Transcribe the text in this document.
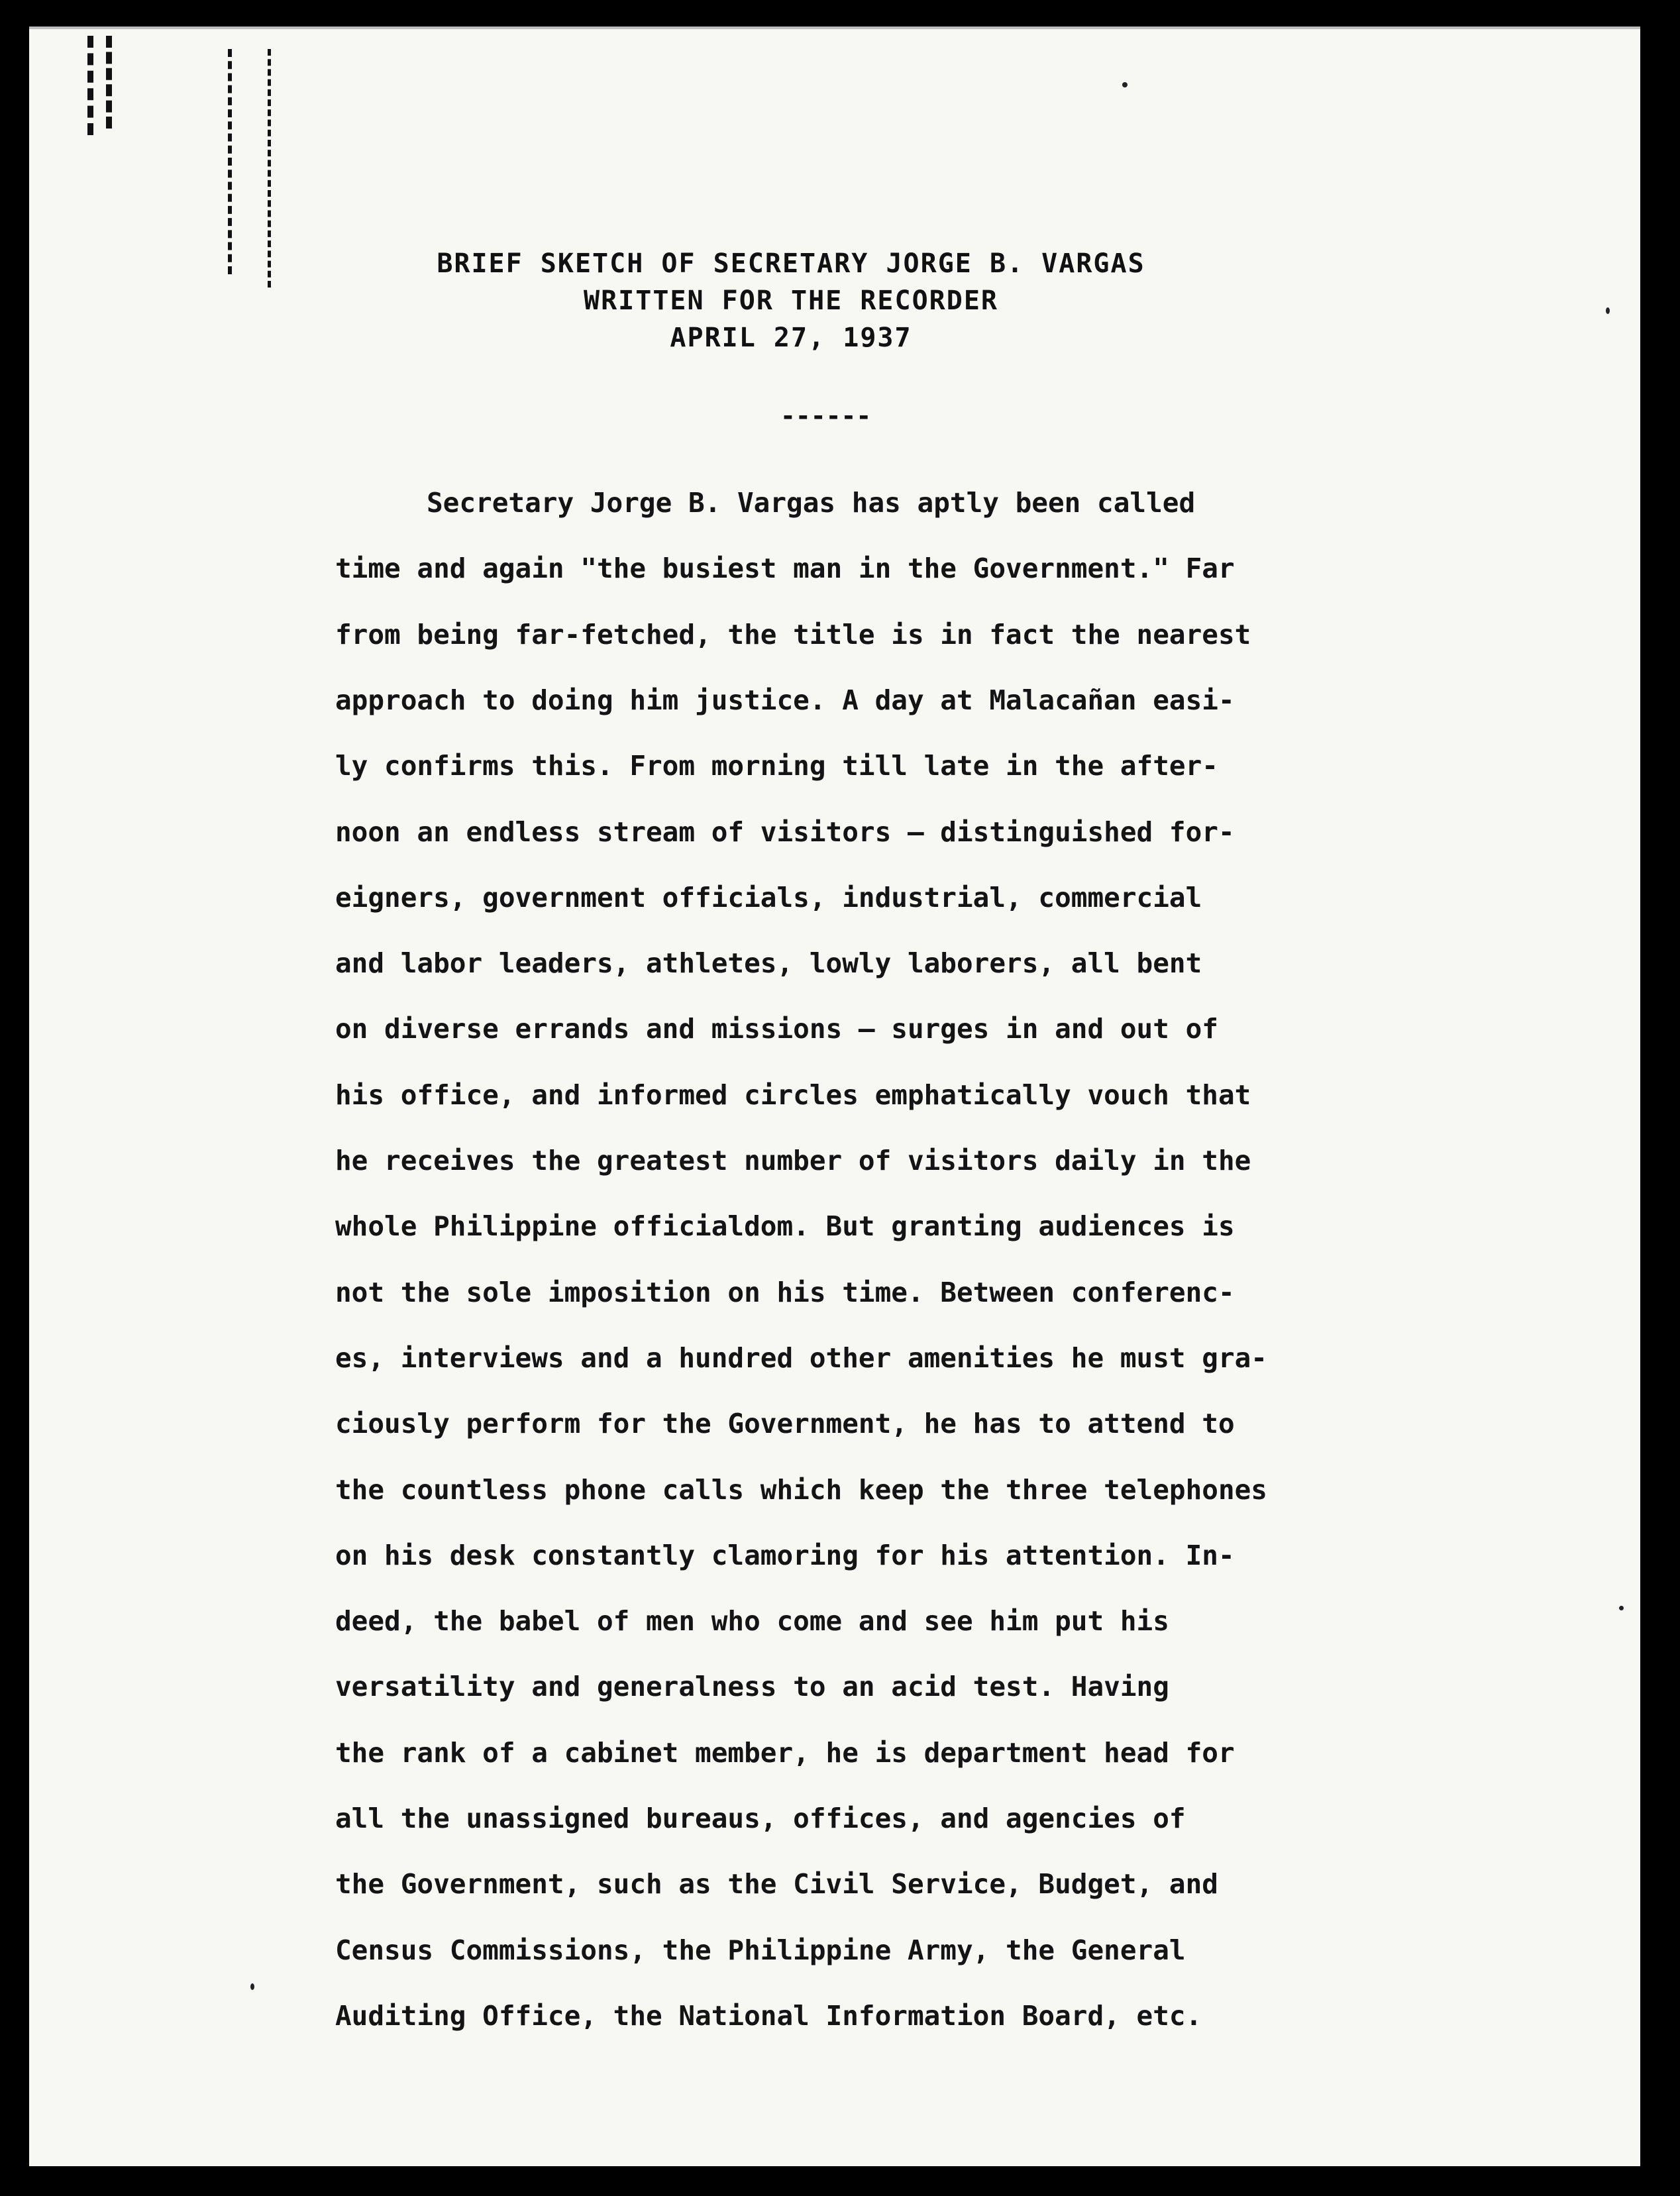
BRIEF SKETCH OF SECRETARY JORGE B. VARGAS
WRITTEN FOR THE RECORDER
APRIL 27, 1937
------
Secretary Jorge B. Vargas has aptly been called
time and again "the busiest man in the Government." Far
from being far-fetched, the title is in fact the nearest
approach to doing him justice. A day at Malacañan easi-
ly confirms this. From morning till late in the after-
noon an endless stream of visitors — distinguished for-
eigners, government officials, industrial, commercial
and labor leaders, athletes, lowly laborers, all bent
on diverse errands and missions — surges in and out of
his office, and informed circles emphatically vouch that
he receives the greatest number of visitors daily in the
whole Philippine officialdom. But granting audiences is
not the sole imposition on his time. Between conferenc-
es, interviews and a hundred other amenities he must gra-
ciously perform for the Government, he has to attend to
the countless phone calls which keep the three telephones
on his desk constantly clamoring for his attention. In-
deed, the babel of men who come and see him put his
versatility and generalness to an acid test. Having
the rank of a cabinet member, he is department head for
all the unassigned bureaus, offices, and agencies of
the Government, such as the Civil Service, Budget, and
Census Commissions, the Philippine Army, the General
Auditing Office, the National Information Board, etc.
